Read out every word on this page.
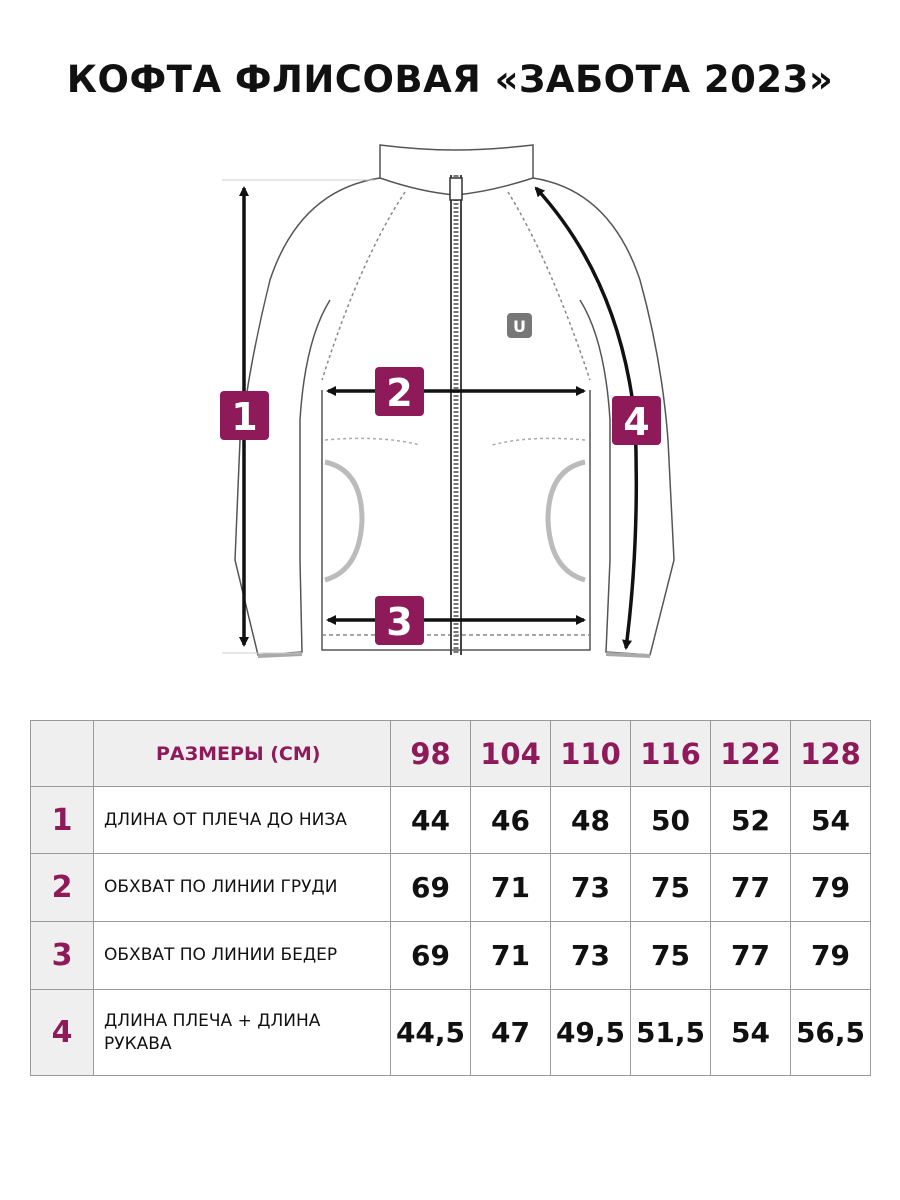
КОФТА ФЛИСОВАЯ «ЗАБОТА 2023»
U
1
2
3
4
	РАЗМЕРЫ (СМ)	98	104	110	116	122	128
1	ДЛИНА ОТ ПЛЕЧА ДО НИЗА	44	46	48	50	52	54
2	ОБХВАТ ПО ЛИНИИ ГРУДИ	69	71	73	75	77	79
3	ОБХВАТ ПО ЛИНИИ БЕДЕР	69	71	73	75	77	79
4	ДЛИНА ПЛЕЧА + ДЛИНА РУКАВА	44,5	47	49,5	51,5	54	56,5
